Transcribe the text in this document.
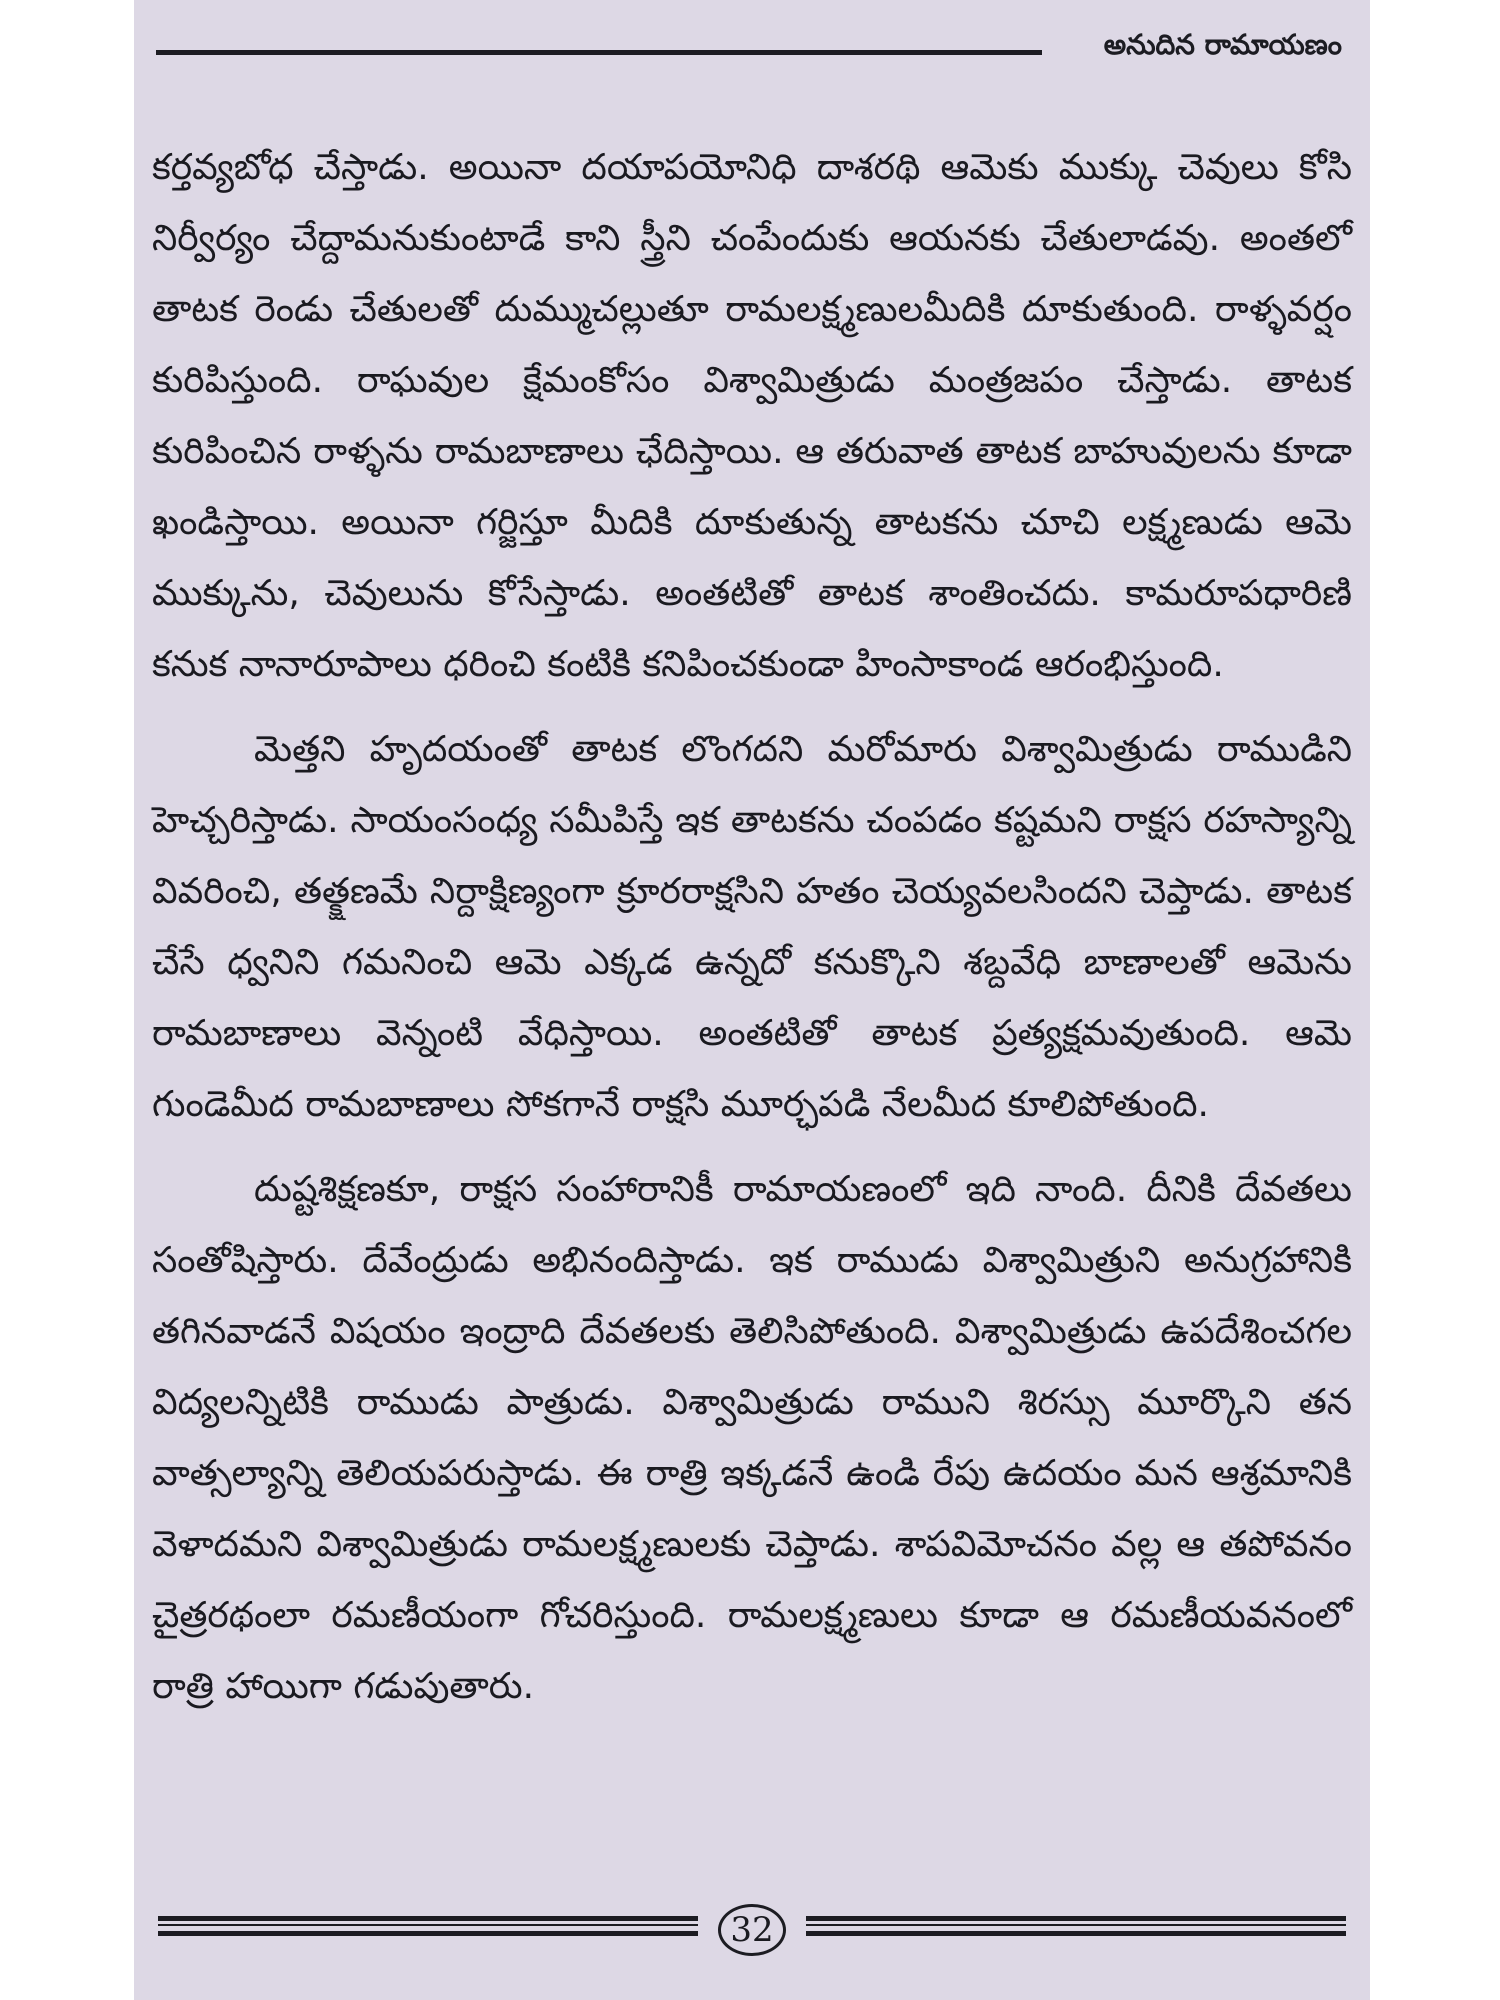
అనుదిన రామాయణం

కర్తవ్యబోధ చేస్తాడు. అయినా దయాపయోనిధి దాశరథి ఆమెకు ముక్కు చెవులు కోసి నిర్వీర్యం చేద్దామనుకుంటాడే కాని స్త్రీని చంపేందుకు ఆయనకు చేతులాడవు. అంతలో తాటక రెండు చేతులతో దుమ్ముచల్లుతూ రామలక్ష్మణులమీదికి దూకుతుంది. రాళ్ళవర్షం కురిపిస్తుంది. రాఘవుల క్షేమంకోసం విశ్వామిత్రుడు మంత్రజపం చేస్తాడు. తాటక కురిపించిన రాళ్ళను రామబాణాలు ఛేదిస్తాయి. ఆ తరువాత తాటక బాహువులను కూడా ఖండిస్తాయి. అయినా గర్జిస్తూ మీదికి దూకుతున్న తాటకను చూచి లక్ష్మణుడు ఆమె ముక్కును, చెవులును కోసేస్తాడు. అంతటితో తాటక శాంతించదు. కామరూపధారిణి కనుక నానారూపాలు ధరించి కంటికి కనిపించకుండా హింసాకాండ ఆరంభిస్తుంది.

మెత్తని హృదయంతో తాటక లొంగదని మరోమారు విశ్వామిత్రుడు రాముడిని హెచ్చరిస్తాడు. సాయంసంధ్య సమీపిస్తే ఇక తాటకను చంపడం కష్టమని రాక్షస రహస్యాన్ని వివరించి, తత్క్షణమే నిర్దాక్షిణ్యంగా క్రూరరాక్షసిని హతం చెయ్యవలసిందని చెప్తాడు. తాటక చేసే ధ్వనిని గమనించి ఆమె ఎక్కడ ఉన్నదో కనుక్కొని శబ్దవేధి బాణాలతో ఆమెను రామబాణాలు వెన్నంటి వేధిస్తాయి. అంతటితో తాటక ప్రత్యక్షమవుతుంది. ఆమె గుండెమీద రామబాణాలు సోకగానే రాక్షసి మూర్ఛపడి నేలమీద కూలిపోతుంది.

దుష్టశిక్షణకూ, రాక్షస సంహారానికీ రామాయణంలో ఇది నాంది. దీనికి దేవతలు సంతోషిస్తారు. దేవేంద్రుడు అభినందిస్తాడు. ఇక రాముడు విశ్వామిత్రుని అనుగ్రహానికి తగినవాడనే విషయం ఇంద్రాది దేవతలకు తెలిసిపోతుంది. విశ్వామిత్రుడు ఉపదేశించగల విద్యలన్నిటికి రాముడు పాత్రుడు. విశ్వామిత్రుడు రాముని శిరస్సు మూర్కొని తన వాత్సల్యాన్ని తెలియపరుస్తాడు. ఈ రాత్రి ఇక్కడనే ఉండి రేపు ఉదయం మన ఆశ్రమానికి వెళాదమని విశ్వామిత్రుడు రామలక్ష్మణులకు చెప్తాడు. శాపవిమోచనం వల్ల ఆ తపోవనం చైత్రరథంలా రమణీయంగా గోచరిస్తుంది. రామలక్ష్మణులు కూడా ఆ రమణీయవనంలో రాత్రి హాయిగా గడుపుతారు.

32
